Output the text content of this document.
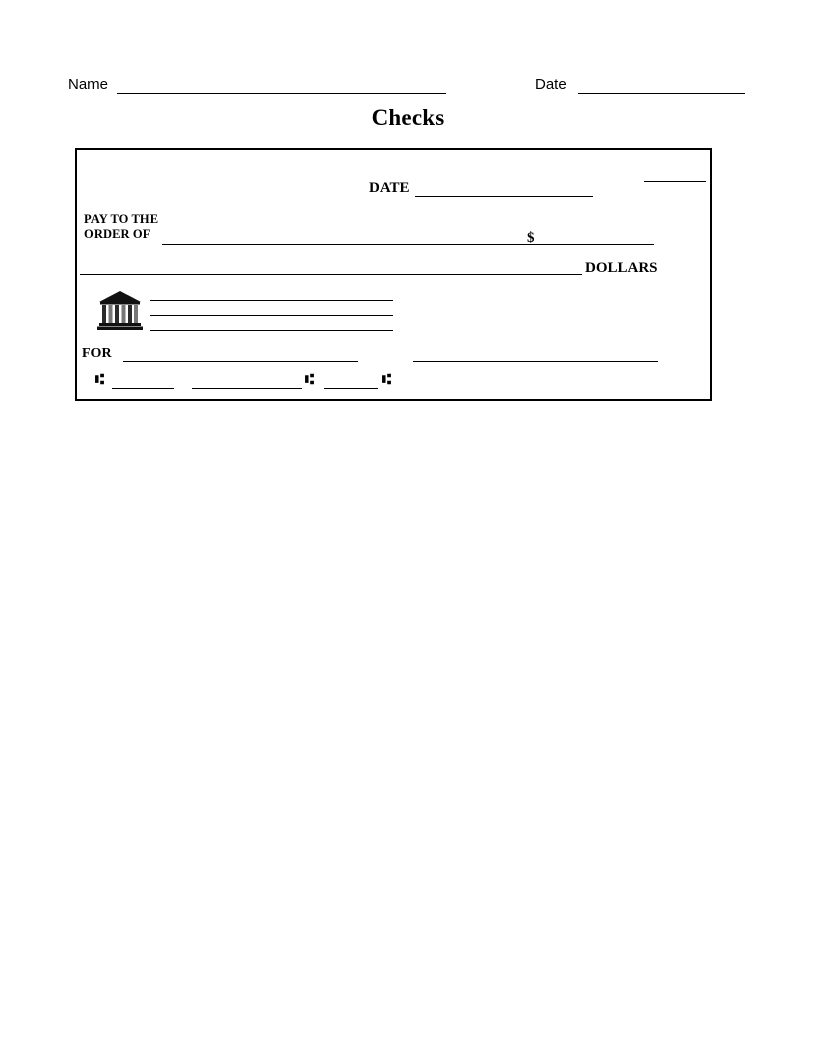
Name	Date
Checks
DATE
PAY TO THE
ORDER OF	$
DOLLARS
FOR
⑆	⑆	⑆
